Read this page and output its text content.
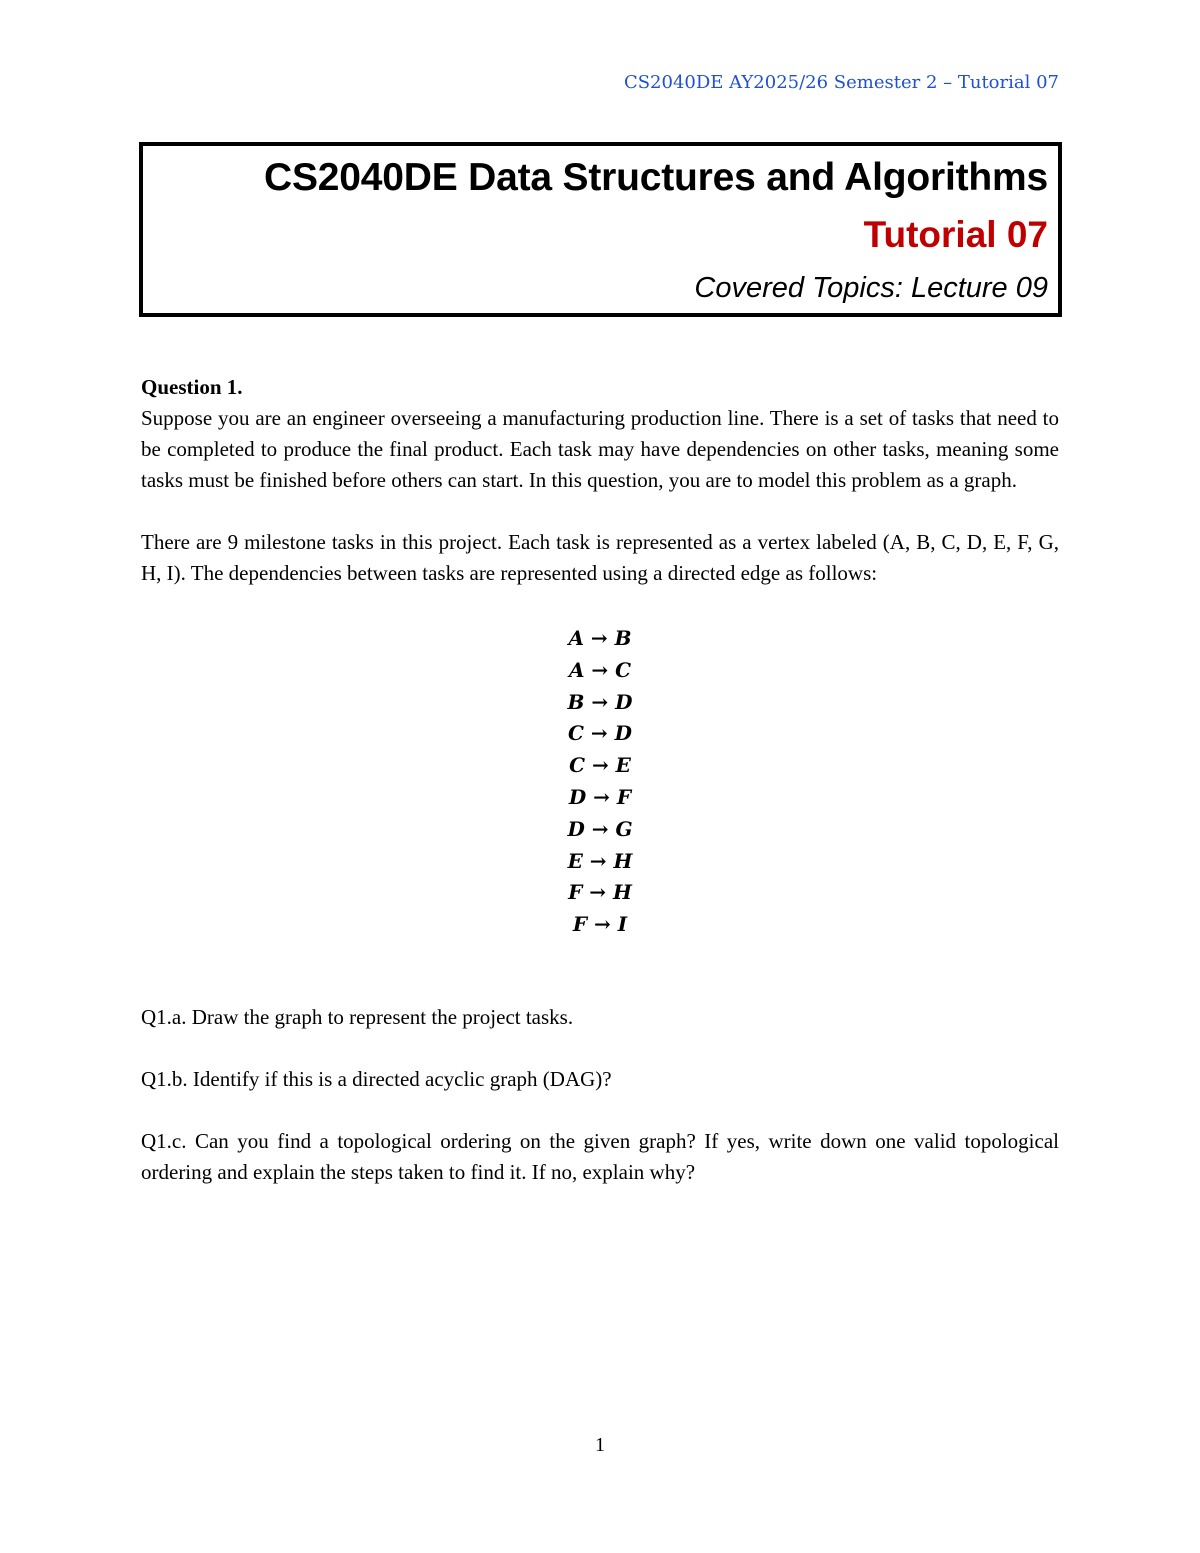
CS2040DE AY2025/26 Semester 2 – Tutorial 07
CS2040DE Data Structures and Algorithms
Tutorial 07
Covered Topics: Lecture 09
Question 1.

Suppose you are an engineer overseeing a manufacturing production line. There is a set of tasks that need to be completed to produce the final product. Each task may have dependencies on other tasks, meaning some tasks must be finished before others can start. In this question, you are to model this problem as a graph.

There are 9 milestone tasks in this project. Each task is represented as a vertex labeled (A, B, C, D, E, F, G, H, I). The dependencies between tasks are represented using a directed edge as follows:

A → B
A → C
B → D
C → D
C → E
D → F
D → G
E → H
F → H
F → I

Q1.a. Draw the graph to represent the project tasks.

Q1.b. Identify if this is a directed acyclic graph (DAG)?

Q1.c. Can you find a topological ordering on the given graph? If yes, write down one valid topological ordering and explain the steps taken to find it. If no, explain why?

1
